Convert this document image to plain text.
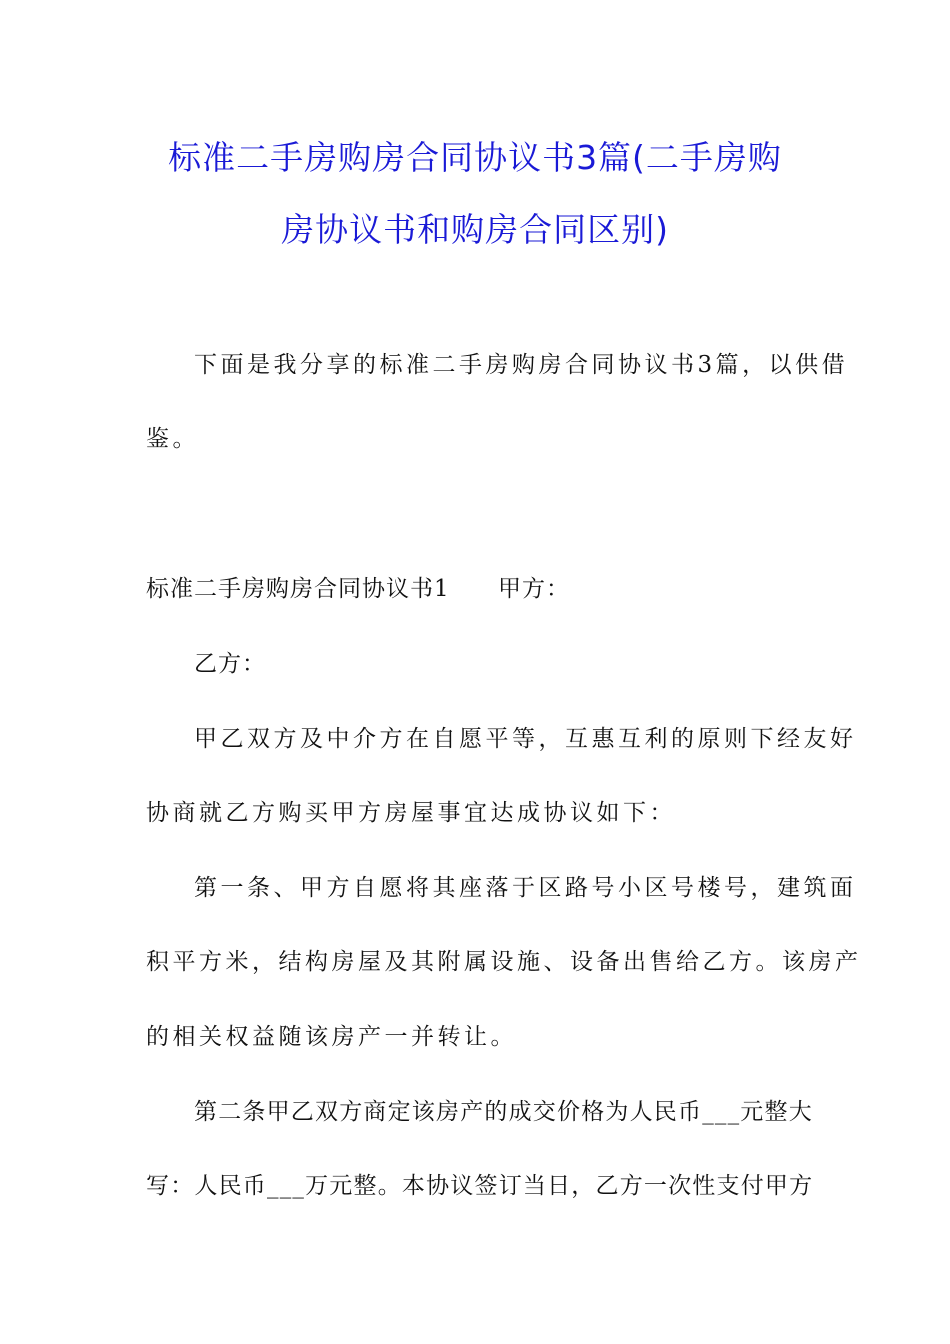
标准二手房购房合同协议书3篇(二手房购
房协议书和购房合同区别)
下面是我分享的标准二手房购房合同协议书3篇，以供借
鉴。
标准二手房购房合同协议书1 甲方：
乙方：
甲乙双方及中介方在自愿平等，互惠互利的原则下经友好
协商就乙方购买甲方房屋事宜达成协议如下：
第一条、甲方自愿将其座落于区路号小区号楼号，建筑面
积平方米，结构房屋及其附属设施、设备出售给乙方。该房产
的相关权益随该房产一并转让。
第二条甲乙双方商定该房产的成交价格为人民币___元整大
写：人民币___万元整。本协议签订当日，乙方一次性支付甲方
